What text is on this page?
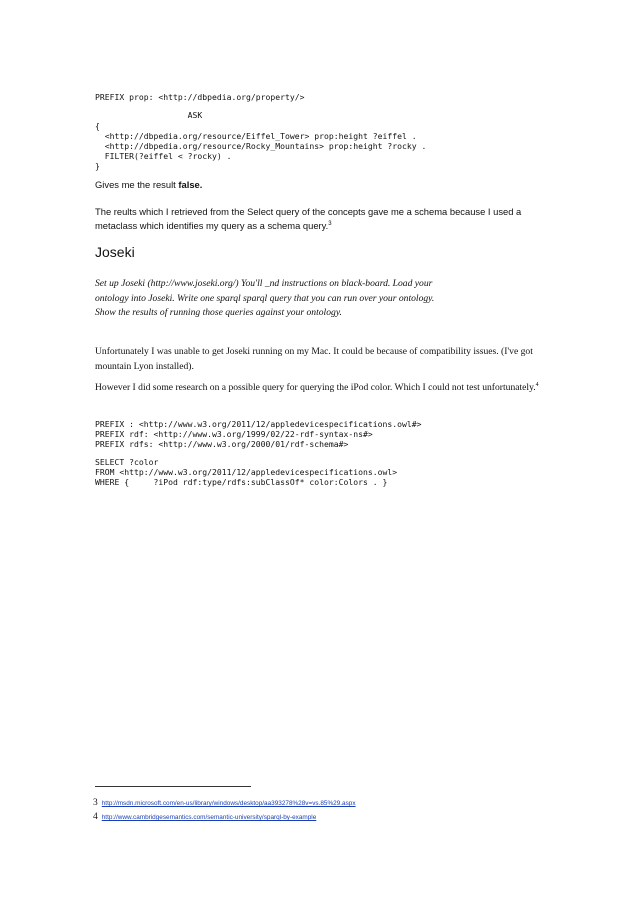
PREFIX prop: <http://dbpedia.org/property/>
ASK
{
<http://dbpedia.org/resource/Eiffel_Tower> prop:height ?eiffel .
<http://dbpedia.org/resource/Rocky_Mountains> prop:height ?rocky .
FILTER(?eiffel < ?rocky) .
}
Gives me the result false.
The reults which I retrieved from the Select query of the concepts gave me a schema because I used a metaclass which identifies my query as a schema query.$^3$
Joseki
Set up Joseki (http://www.joseki.org/) You'll _nd instructions on black-board. Load your ontology into Joseki. Write one sparql sparql query that you can run over your ontology. Show the results of running those queries against your ontology.
Unfortunately I was unable to get Joseki running on my Mac. It could be because of compatibility issues. (I've got mountain Lyon installed).
However I did some research on a possible query for querying the iPod color. Which I could not test unfortunately.$^4$
PREFIX : <http://www.w3.org/2011/12/appledevicespecifications.owl#>
PREFIX rdf: <http://www.w3.org/1999/02/22-rdf-syntax-ns#>
PREFIX rdfs: <http://www.w3.org/2000/01/rdf-schema#>
SELECT ?color
FROM <http://www.w3.org/2011/12/appledevicespecifications.owl>
WHERE {     ?iPod rdf:type/rdfs:subClassOf* color:Colors . }
3 http://msdn.microsoft.com/en-us/library/windows/desktop/aa393278%28v=vs.85%29.aspx
4 http://www.cambridgesemantics.com/semantic-university/sparql-by-example
